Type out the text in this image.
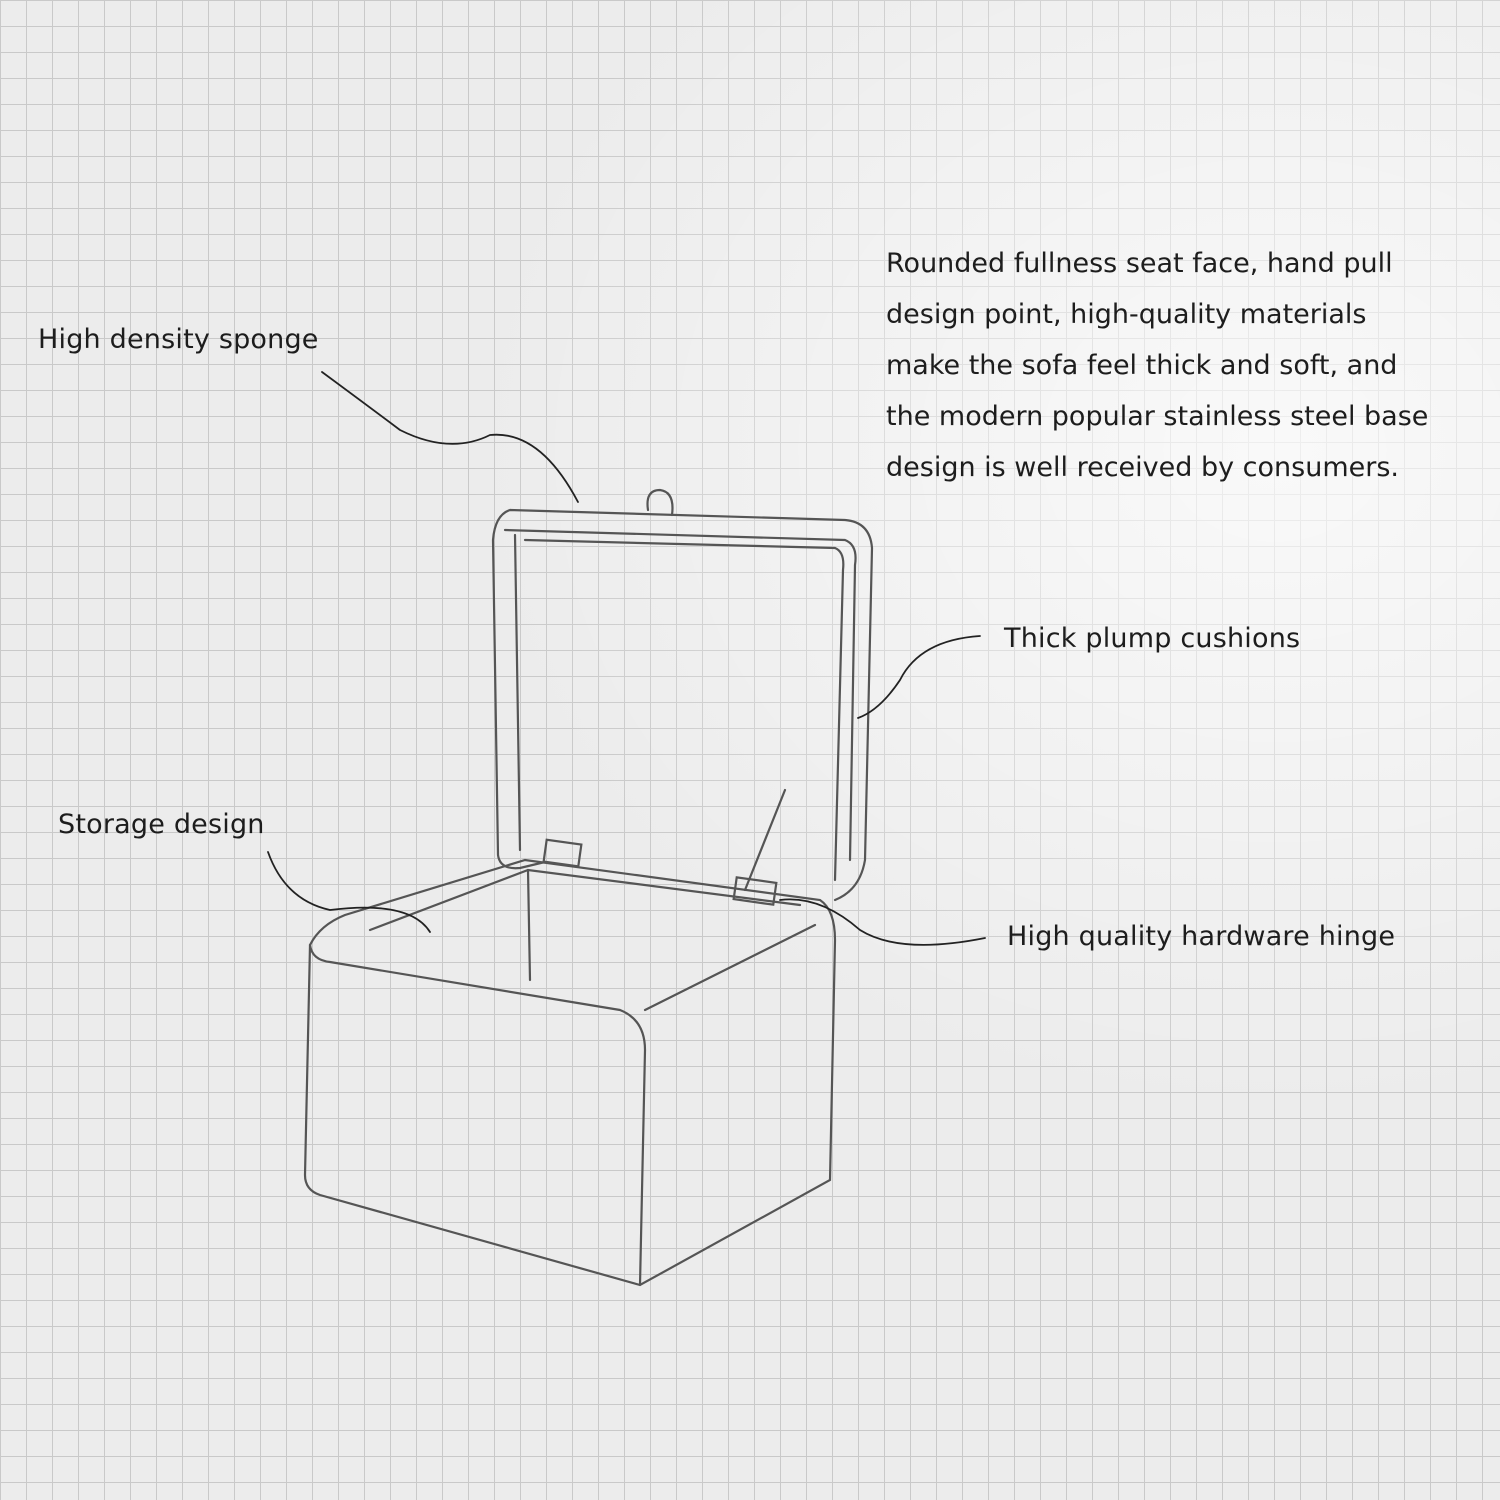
Rounded fullness seat face, hand pull
design point, high-quality materials
make the sofa feel thick and soft, and
the modern popular stainless steel base
design is well received by consumers.
High density sponge
Thick plump cushions
Storage design
High quality hardware hinge
